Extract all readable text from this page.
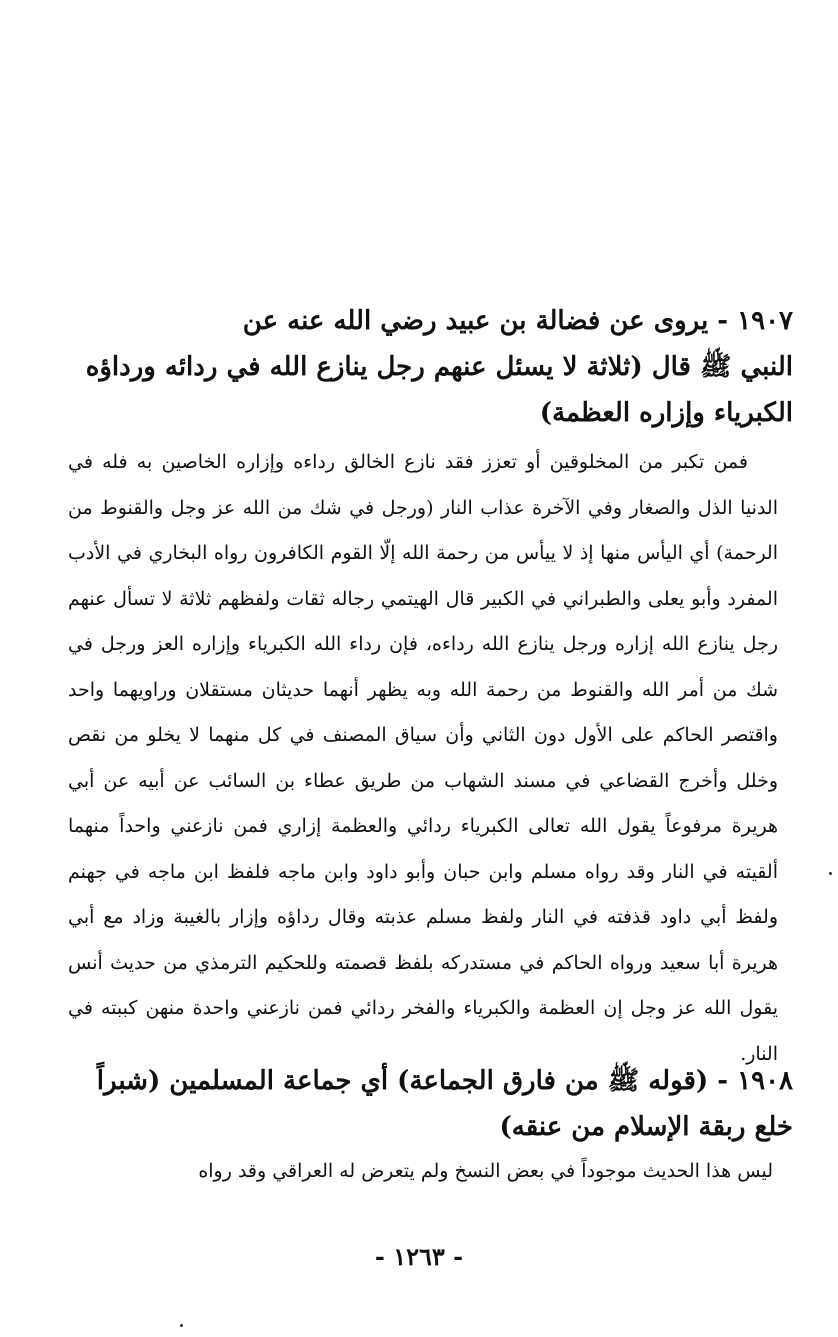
١٩٠٧ - يروى عن فضالة بن عبيد رضي الله عنه عن

النبي ﷺ قال (ثلاثة لا يسئل عنهم رجل ينازع الله في ردائه ورداؤه

الكبرياء وإزاره العظمة)

فمن تكبر من المخلوقين أو تعزز فقد نازع الخالق رداءه وإزاره الخاصين به فله في الدنيا الذل والصغار وفي الآخرة عذاب النار (ورجل في شك من الله عز وجل والقنوط من الرحمة) أي اليأس منها إذ لا ييأس من رحمة الله إلّا القوم الكافرون رواه البخاري في الأدب المفرد وأبو يعلى والطبراني في الكبير قال الهيتمي رجاله ثقات ولفظهم ثلاثة لا تسأل عنهم رجل ينازع الله إزاره ورجل ينازع الله رداءه، فإن رداء الله الكبرياء وإزاره العز ورجل في شك من أمر الله والقنوط من رحمة الله وبه يظهر أنهما حديثان مستقلان وراويهما واحد واقتصر الحاكم على الأول دون الثاني وأن سياق المصنف في كل منهما لا يخلو من نقص وخلل وأخرج القضاعي في مسند الشهاب من طريق عطاء بن السائب عن أبيه عن أبي هريرة مرفوعاً يقول الله تعالى الكبرياء ردائي والعظمة إزاري فمن نازعني واحداً منهما ألقيته في النار وقد رواه مسلم وابن حبان وأبو داود وابن ماجه فلفظ ابن ماجه في جهنم ولفظ أبي داود قذفته في النار ولفظ مسلم عذبته وقال رداؤه وإزار بالغيبة وزاد مع أبي هريرة أبا سعيد ورواه الحاكم في مستدركه بلفظ قصمته وللحكيم الترمذي من حديث أنس يقول الله عز وجل إن العظمة والكبرياء والفخر ردائي فمن نازعني واحدة منهن كببته في النار.

١٩٠٨ - (قوله ﷺ من فارق الجماعة) أي جماعة المسلمين (شبراً

خلع ربقة الإسلام من عنقه)

ليس هذا الحديث موجوداً في بعض النسخ ولم يتعرض له العراقي وقد رواه

- ١٢٦٣ -
